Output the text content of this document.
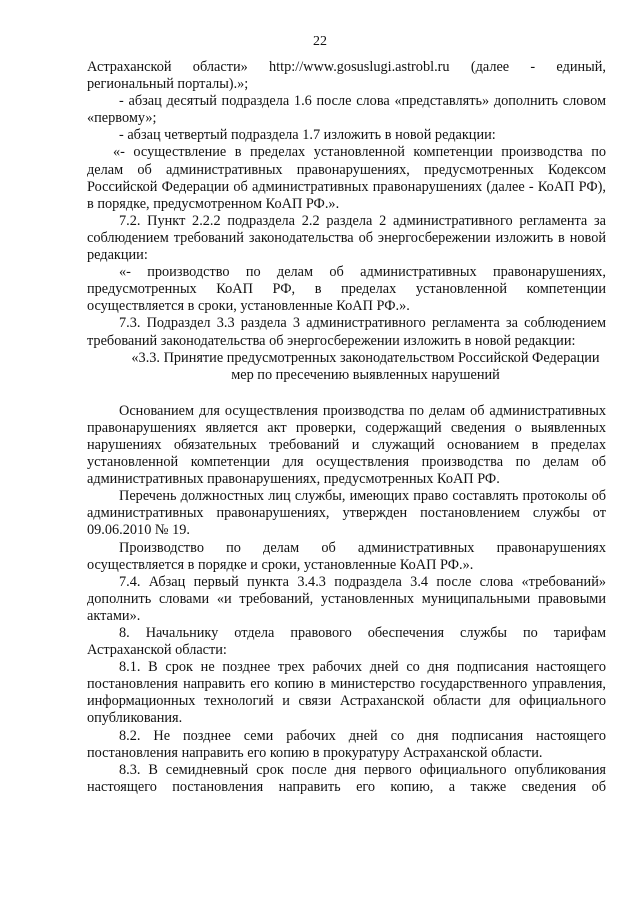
22

Астраханской области» http://www.gosuslugi.astrobl.ru (далее - единый, региональный порталы).»;

- абзац десятый подраздела 1.6 после слова «представлять» дополнить словом «первому»;

- абзац четвертый подраздела 1.7 изложить в новой редакции:

«- осуществление в пределах установленной компетенции производства по делам об административных правонарушениях, предусмотренных Кодексом Российской Федерации об административных правонарушениях (далее - КоАП РФ), в порядке, предусмотренном КоАП РФ.».

7.2. Пункт 2.2.2 подраздела 2.2 раздела 2 административного регламента за соблюдением требований законодательства об энергосбережении изложить в новой редакции:

«- производство по делам об административных правонарушениях, предусмотренных КоАП РФ, в пределах установленной компетенции осуществляется в сроки, установленные КоАП РФ.».

7.3. Подраздел 3.3 раздела 3 административного регламента за соблюдением требований законодательства об энергосбережении изложить в новой редакции:

«3.3. Принятие предусмотренных законодательством Российской Федерации мер по пресечению выявленных нарушений

Основанием для осуществления производства по делам об административных правонарушениях является акт проверки, содержащий сведения о выявленных нарушениях обязательных требований и служащий основанием в пределах установленной компетенции для осуществления производства по делам об административных правонарушениях, предусмотренных КоАП РФ.

Перечень должностных лиц службы, имеющих право составлять протоколы об административных правонарушениях, утвержден постановлением службы от 09.06.2010 № 19.

Производство по делам об административных правонарушениях осуществляется в порядке и сроки, установленные КоАП РФ.».

7.4. Абзац первый пункта 3.4.3 подраздела 3.4 после слова «требований» дополнить словами «и требований, установленных муниципальными правовыми актами».

8. Начальнику отдела правового обеспечения службы по тарифам Астраханской области:

8.1. В срок не позднее трех рабочих дней со дня подписания настоящего постановления направить его копию в министерство государственного управления, информационных технологий и связи Астраханской области для официального опубликования.

8.2. Не позднее семи рабочих дней со дня подписания настоящего постановления направить его копию в прокуратуру Астраханской области.

8.3. В семидневный срок после дня первого официального опубликования настоящего постановления направить его копию, а также сведения об
